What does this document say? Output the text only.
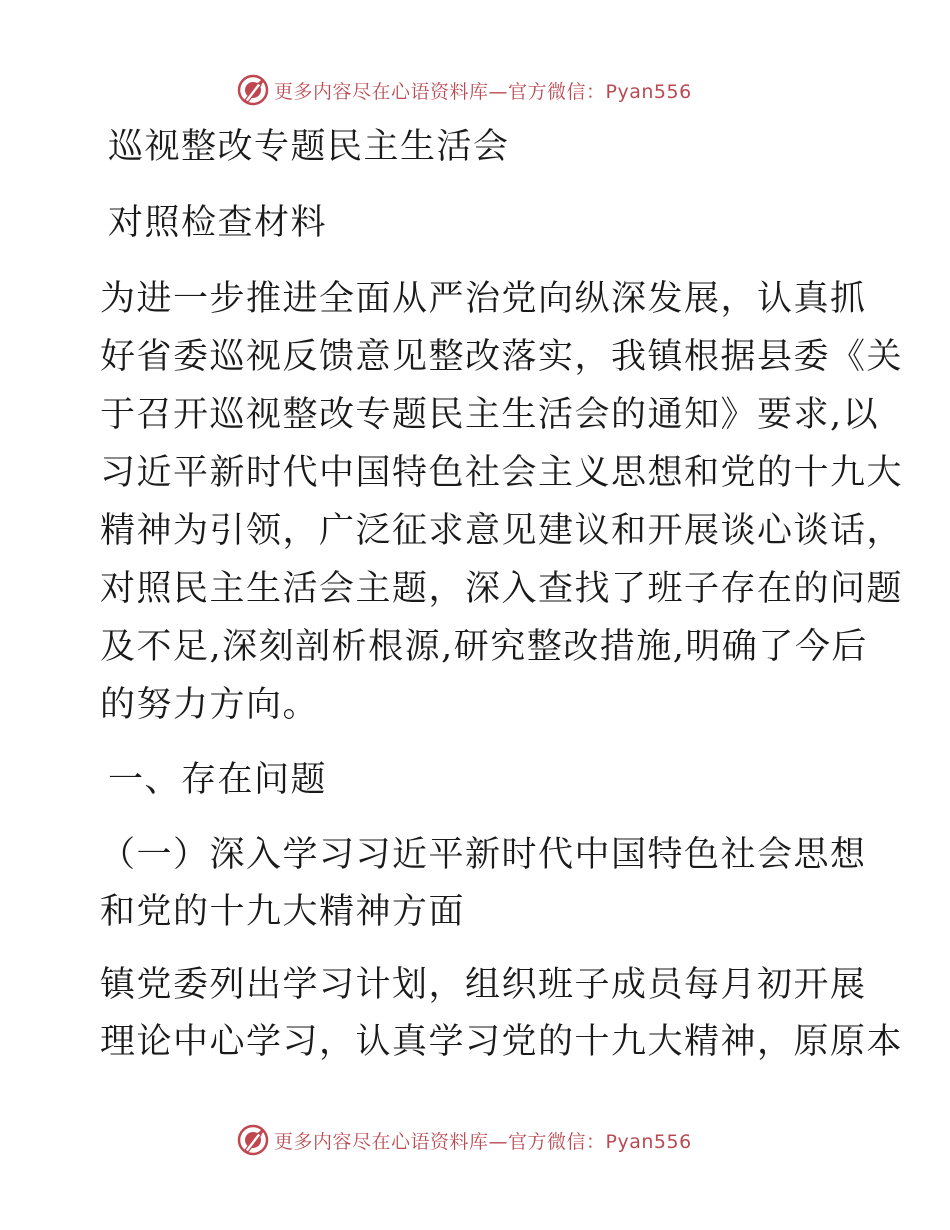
更多内容尽在心语资料库—官方微信：Pyan556
巡视整改专题民主生活会
对照检查材料
为进一步推进全面从严治党向纵深发展，认真抓
好省委巡视反馈意见整改落实，我镇根据县委《关
于召开巡视整改专题民主生活会的通知》要求,以
习近平新时代中国特色社会主义思想和党的十九大
精神为引领，广泛征求意见建议和开展谈心谈话，
对照民主生活会主题，深入查找了班子存在的问题
及不足,深刻剖析根源,研究整改措施,明确了今后
的努力方向。
一、存在问题
（一）深入学习习近平新时代中国特色社会思想
和党的十九大精神方面
镇党委列出学习计划，组织班子成员每月初开展
理论中心学习，认真学习党的十九大精神，原原本
更多内容尽在心语资料库—官方微信：Pyan556
